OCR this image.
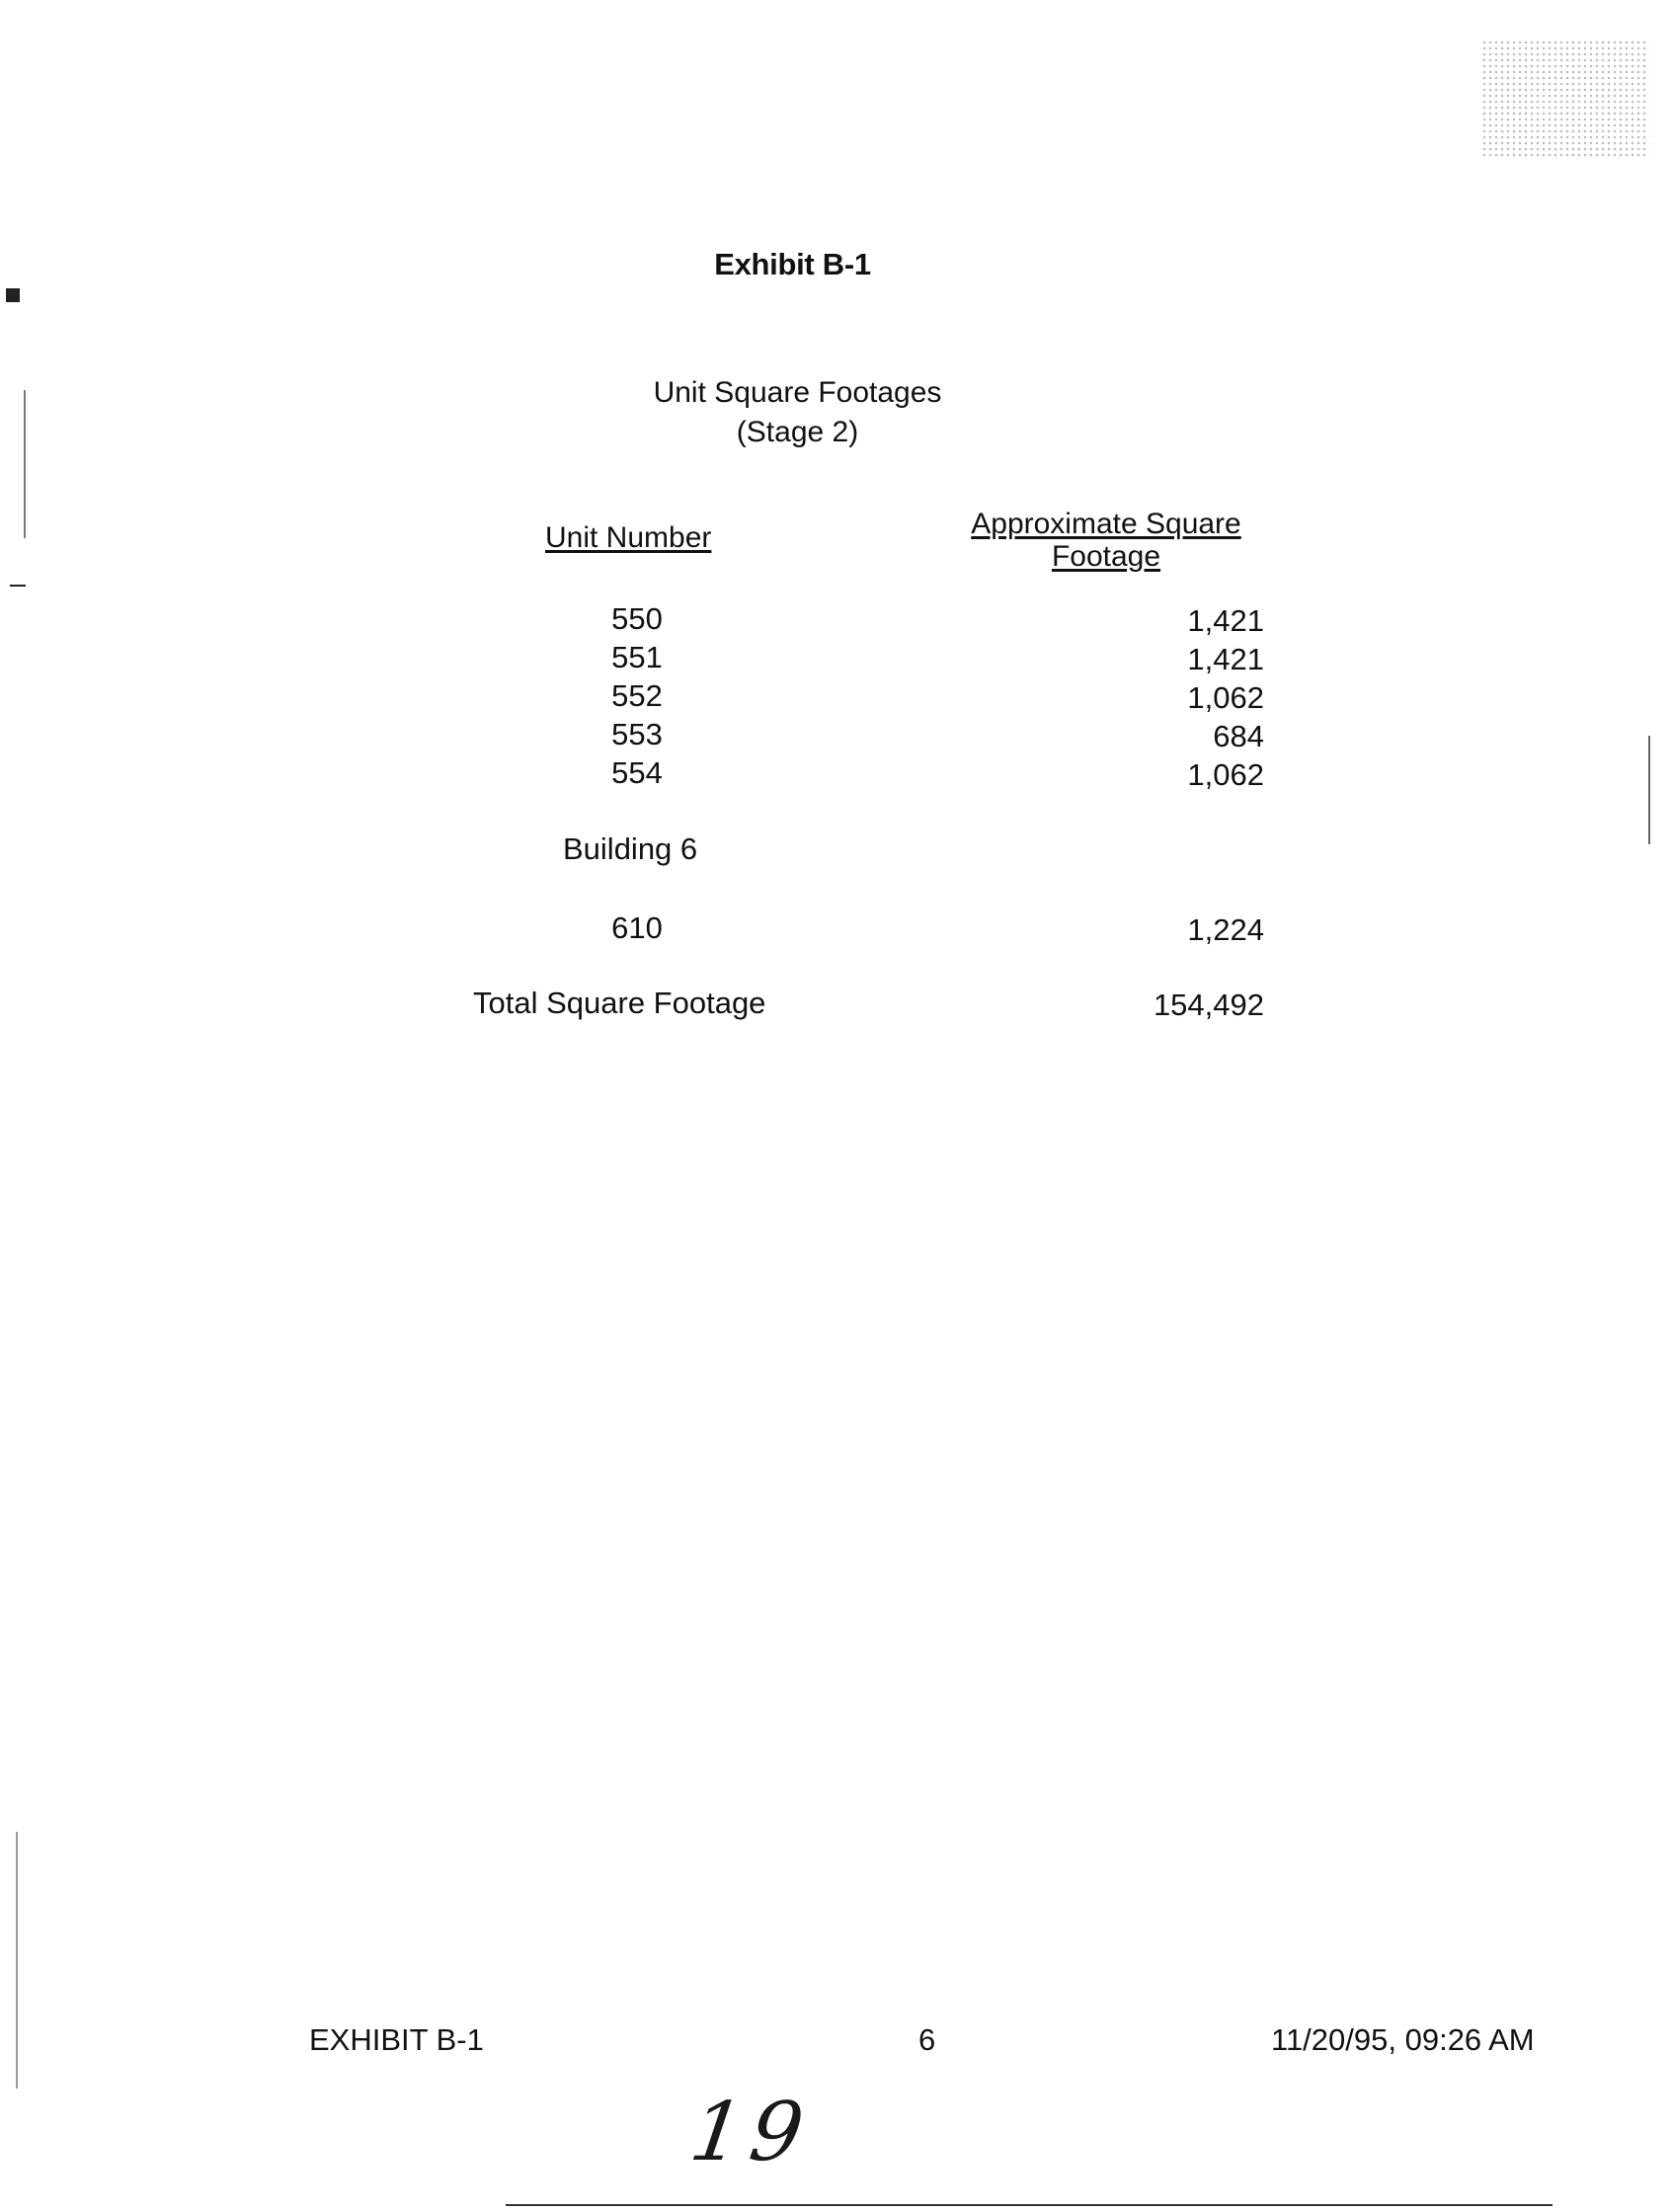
Exhibit B-1
Unit Square Footages
(Stage 2)
Unit Number	Approximate Square
Footage
550	1,421
551	1,421
552	1,062
553	684
554	1,062
Building 6
610	1,224
Total Square Footage	154,492
EXHIBIT B-1	6	11/20/95, 09:26 AM
19
